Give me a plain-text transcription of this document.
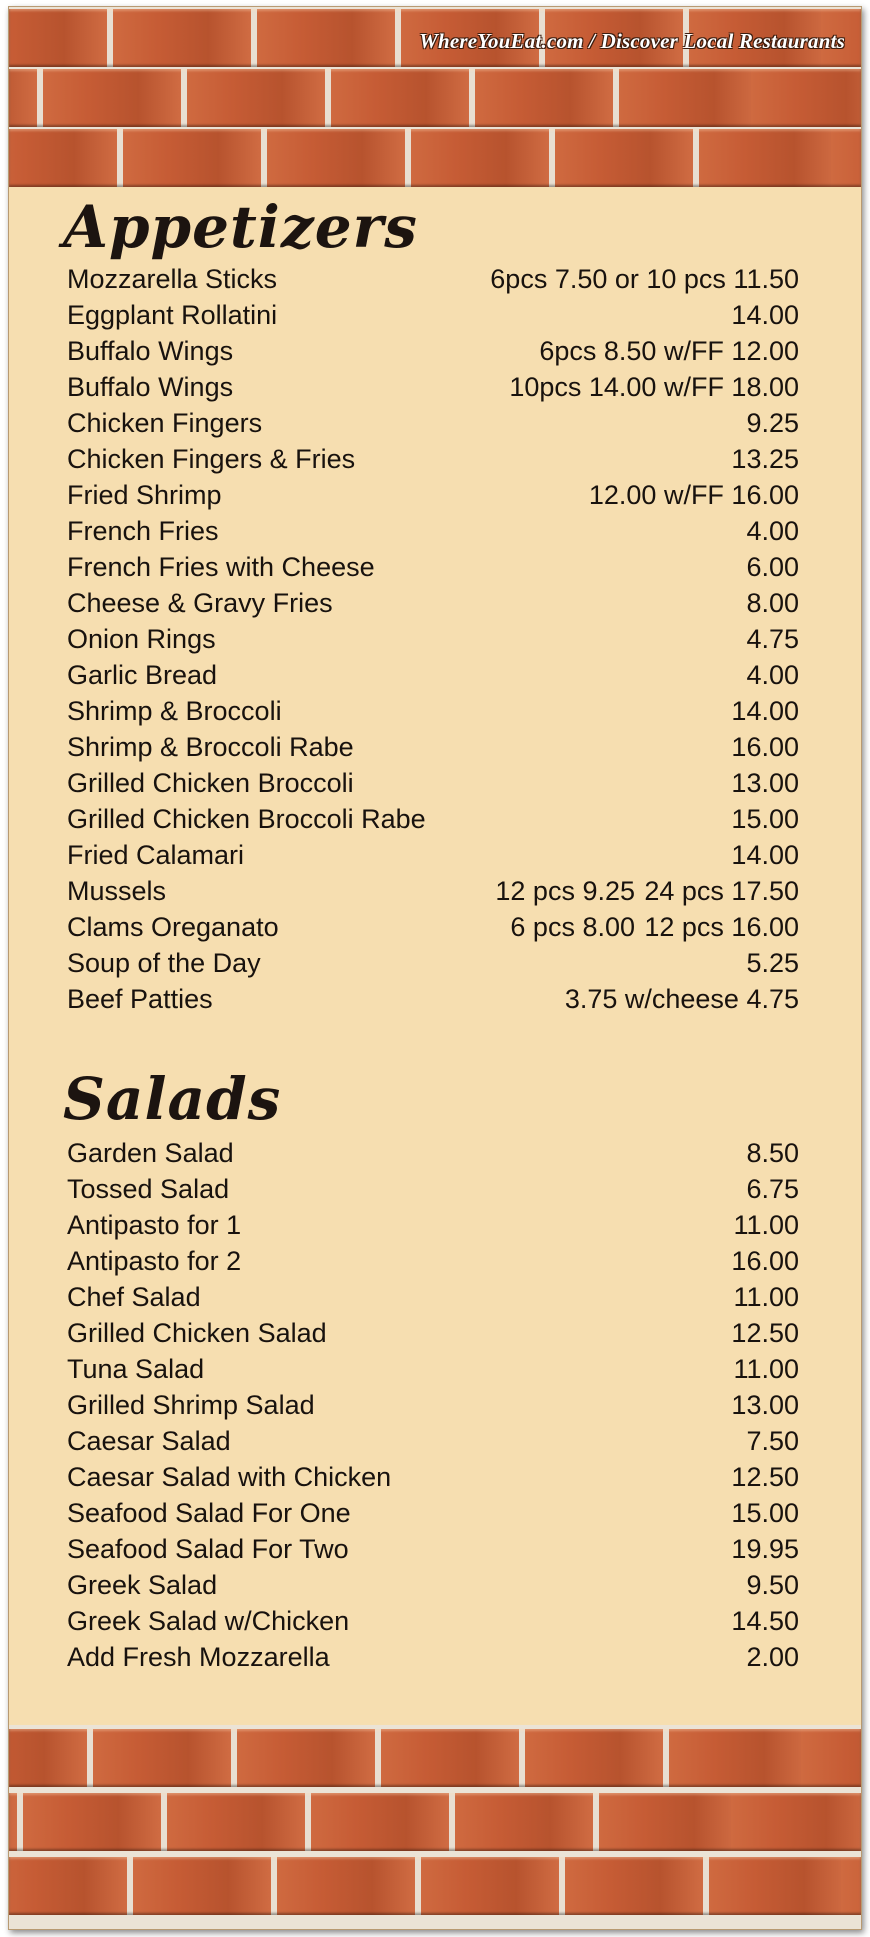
WhereYouEat.com / Discover Local Restaurants
Appetizers
Mozzarella Sticks	6pcs 7.50 or 10 pcs 11.50
Eggplant Rollatini	14.00
Buffalo Wings	6pcs 8.50 w/FF 12.00
Buffalo Wings	10pcs 14.00 w/FF 18.00
Chicken Fingers	9.25
Chicken Fingers & Fries	13.25
Fried Shrimp	12.00 w/FF 16.00
French Fries	4.00
French Fries with Cheese	6.00
Cheese & Gravy Fries	8.00
Onion Rings	4.75
Garlic Bread	4.00
Shrimp & Broccoli	14.00
Shrimp & Broccoli Rabe	16.00
Grilled Chicken Broccoli	13.00
Grilled Chicken Broccoli Rabe	15.00
Fried Calamari	14.00
Mussels	12 pcs 9.25 24 pcs 17.50
Clams Oreganato	6 pcs 8.00 12 pcs 16.00
Soup of the Day	5.25
Beef Patties	3.75 w/cheese 4.75
Salads
Garden Salad	8.50
Tossed Salad	6.75
Antipasto for 1	11.00
Antipasto for 2	16.00
Chef Salad	11.00
Grilled Chicken Salad	12.50
Tuna Salad	11.00
Grilled Shrimp Salad	13.00
Caesar Salad	7.50
Caesar Salad with Chicken	12.50
Seafood Salad For One	15.00
Seafood Salad For Two	19.95
Greek Salad	9.50
Greek Salad w/Chicken	14.50
Add Fresh Mozzarella	2.00
